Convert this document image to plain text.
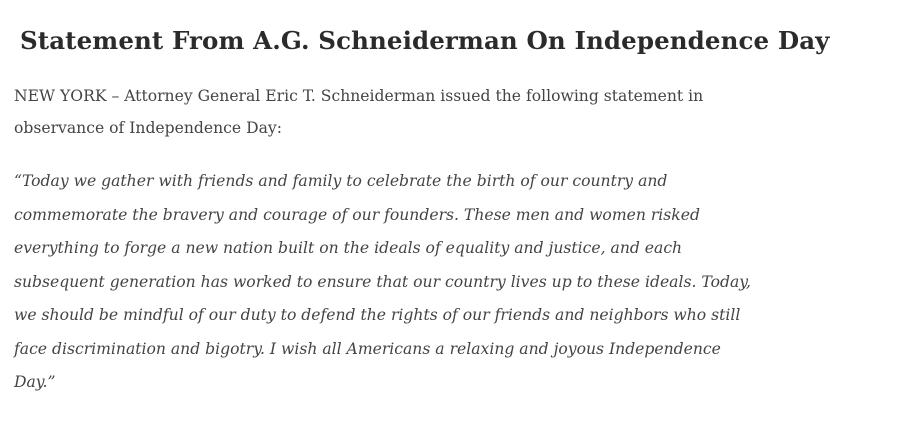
Statement From A.G. Schneiderman On Independence Day

NEW YORK – Attorney General Eric T. Schneiderman issued the following statement in
observance of Independence Day:

“Today we gather with friends and family to celebrate the birth of our country and
commemorate the bravery and courage of our founders. These men and women risked
everything to forge a new nation built on the ideals of equality and justice, and each
subsequent generation has worked to ensure that our country lives up to these ideals. Today,
we should be mindful of our duty to defend the rights of our friends and neighbors who still
face discrimination and bigotry. I wish all Americans a relaxing and joyous Independence
Day.”
